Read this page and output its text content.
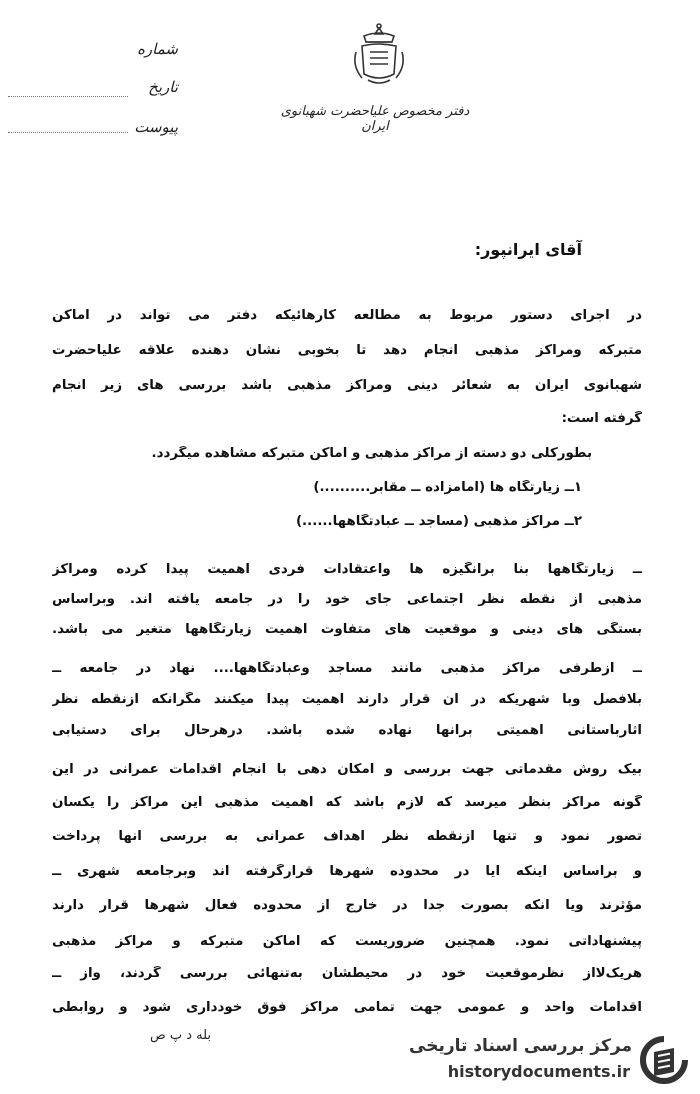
دفتر مخصوص علیاحضرت شهبانوی ایران
شماره
تاریخ
پیوست
آقای ایرانپور:
در اجرای دستور مربوط به مطالعه کارهائیکه دفتر می تواند در اماکن
متبرکه ومراکز مذهبی انجام دهد تا بخوبی نشان دهنده علاقه علیاحضرت
شهبانوی ایران به شعائر دینی ومراکز مذهبی باشد بررسی های زیر انجام
گرفته است:
بطورکلی دو دسته از مراکز مذهبی و اماکن متبرکه مشاهده میگردد.
۱ــ زیارتگاه ها (امامزاده ــ مقابر..........)
۲ــ مراکز مذهبی (مساجد ــ عبادتگاهها......)
ــ زیارتگاهها بنا برانگیزه ها واعتقادات فردی اهمیت پیدا کرده ومراکز
مذهبی از نقطه نظر اجتماعی جای خود را در جامعه یافته اند. وبراساس
بستگی های دینی و موقعیت های متفاوت اهمیت زیارتگاهها متغیر می باشد.
ــ ازطرفی مراکز مذهبی مانند مساجد وعبادتگاهها.... نهاد در جامعه ــ
بلافصل وبا شهریکه در آن قرار دارند اهمیت پیدا میکنند مگرآنکه ازنقطه نظر
آثارباستانی اهمیتی برآنها نهاده شده باشد. درهرحال برای دستیابی
بیک روش مقدماتی جهت بررسی و امکان دهی با انجام اقدامات عمرانی در این
گونه مراکز بنظر میرسد که لازم باشد که اهمیت مذهبی این مراکز را یکسان
تصور نمود و تنها ازنقطه نظر اهداف عمرانی به بررسی آنها پرداخت
و براساس اینکه آیا در محدوده شهرها قرارگرفته اند وبرجامعه شهری ــ
مؤثرند ویا آنکه بصورت جدا در خارج از محدوده فعال شهرها قرار دارند
پیشنهاداتی نمود. همچنین ضروریست که اماکن متبرکه و مراکز مذهبی
هریک‌لااز نظرموقعیت خود در محیطشان به‌تنهائی بررسی گردند، واز ــ
اقدامات واحد و عمومی جهت تمامی مراکز فوق خودداری شود و روابطی
بله د پ ص
مرکز بررسی اسناد تاریخی
historydocuments.ir
